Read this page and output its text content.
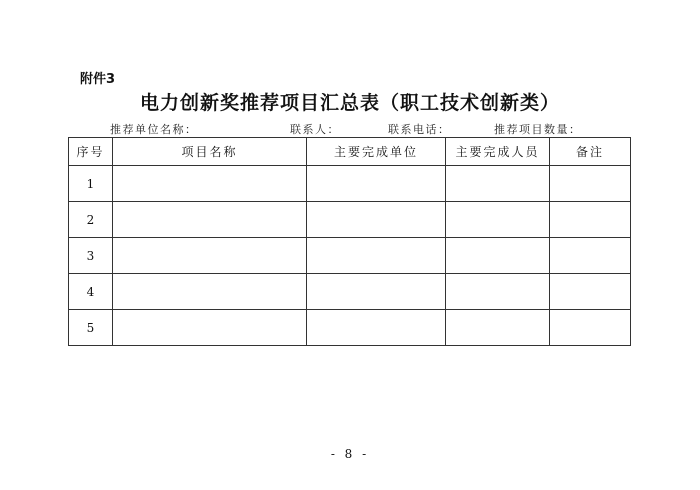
附件3
电力创新奖推荐项目汇总表（职工技术创新类）
推荐单位名称：	联系人：	联系电话：	推荐项目数量：
序号	项目名称	主要完成单位	主要完成人员	备注
1				
2				
3				
4				
5				
- 8 -
